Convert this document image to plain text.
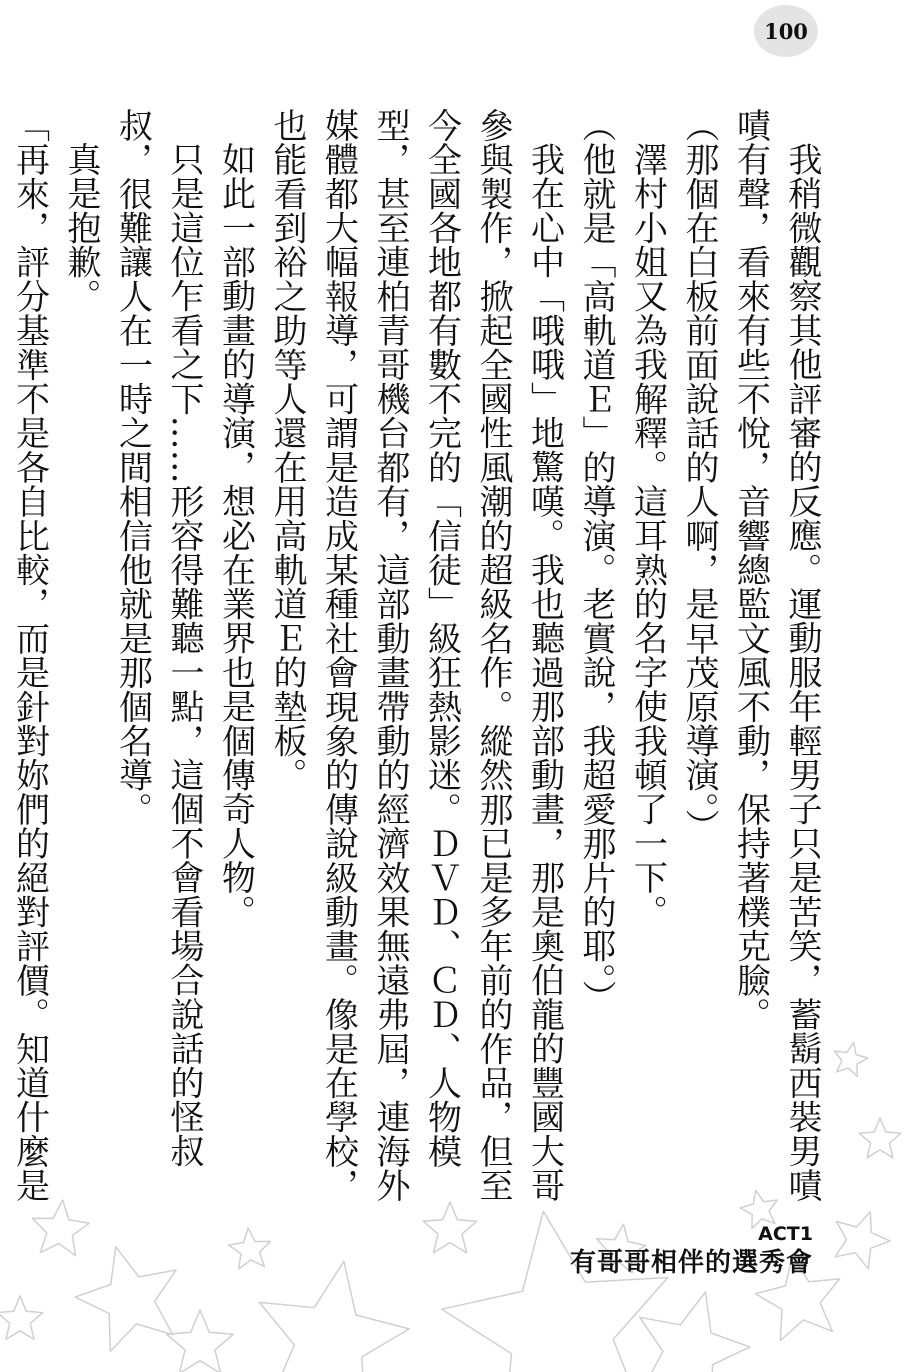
100

我稍微觀察其他評審的反應。運動服年輕男子只是苦笑，蓄鬍西裝男嘖嘖有聲，看來有些不悅，音響總監文風不動，保持著樸克臉。

（那個在白板前面說話的人啊，是早茂原導演。）

澤村小姐又為我解釋。這耳熟的名字使我頓了一下。

（他就是「高軌道Ｅ」的導演。老實說，我超愛那片的耶。）

我在心中「哦哦」地驚嘆。我也聽過那部動畫，那是奧伯龍的豐國大哥參與製作，掀起全國性風潮的超級名作。縱然那已是多年前的作品，但至今全國各地都有數不完的「信徒」級狂熱影迷。ＤＶＤ、ＣＤ、人物模型，甚至連柏青哥機台都有，這部動畫帶動的經濟效果無遠弗屆，連海外媒體都大幅報導，可謂是造成某種社會現象的傳說級動畫。像是在學校，也能看到裕之助等人還在用高軌道Ｅ的墊板。

如此一部動畫的導演，想必在業界也是個傳奇人物。

只是這位乍看之下……形容得難聽一點，這個不會看場合說話的怪叔叔，很難讓人在一時之間相信他就是那個名導。

真是抱歉。

「再來，評分基準不是各自比較，而是針對妳們的絕對評價。知道什麼是

ACT1
有哥哥相伴的選秀會
